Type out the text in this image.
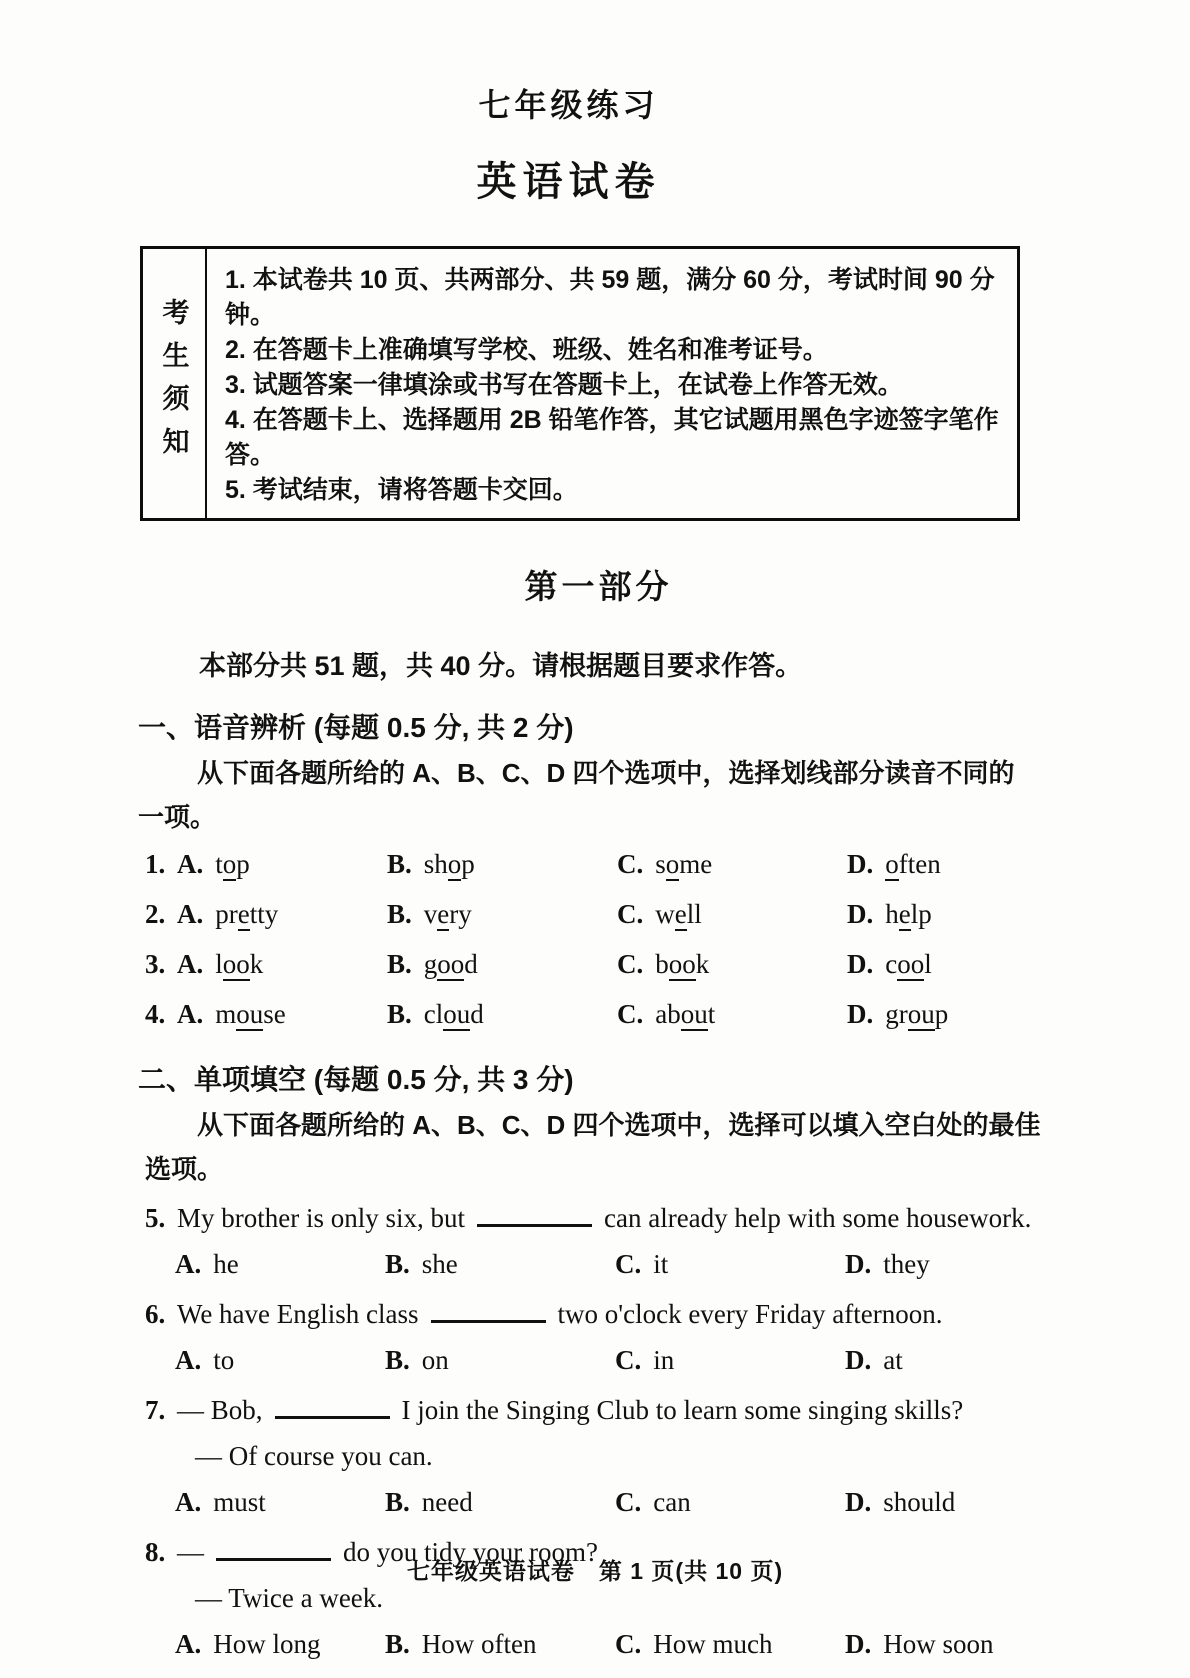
七年级练习
英语试卷
考生须知
1. 本试卷共 10 页、共两部分、共 59 题，满分 60 分，考试时间 90 分钟。
2. 在答题卡上准确填写学校、班级、姓名和准考证号。
3. 试题答案一律填涂或书写在答题卡上，在试卷上作答无效。
4. 在答题卡上、选择题用 2B 铅笔作答，其它试题用黑色字迹签字笔作答。
5. 考试结束，请将答题卡交回。
第一部分

本部分共 51 题，共 40 分。请根据题目要求作答。

一、语音辨析 (每题 0.5 分, 共 2 分)

从下面各题所给的 A、B、C、D 四个选项中，选择划线部分读音不同的

一项。

1. A. top	B. shop	C. some	D. often
2. A. pretty	B. very	C. well	D. help
3. A. look	B. good	C. book	D. cool
4. A. mouse	B. cloud	C. about	D. group
二、单项填空 (每题 0.5 分, 共 3 分)

从下面各题所给的 A、B、C、D 四个选项中，选择可以填入空白处的最佳选项。

5. My brother is only six, but	can already help with some housework.
A. he	B. she	C. it	D. they
6. We have English class	two o'clock every Friday afternoon.
A. to	B. on	C. in	D. at
7. — Bob,	I join the Singing Club to learn some singing skills?
— Of course you can.
A. must	B. need	C. can	D. should
8. —	do you tidy your room?
— Twice a week.
A. How long	B. How often	C. How much	D. How soon
七年级英语试卷　第 1 页(共 10 页)
